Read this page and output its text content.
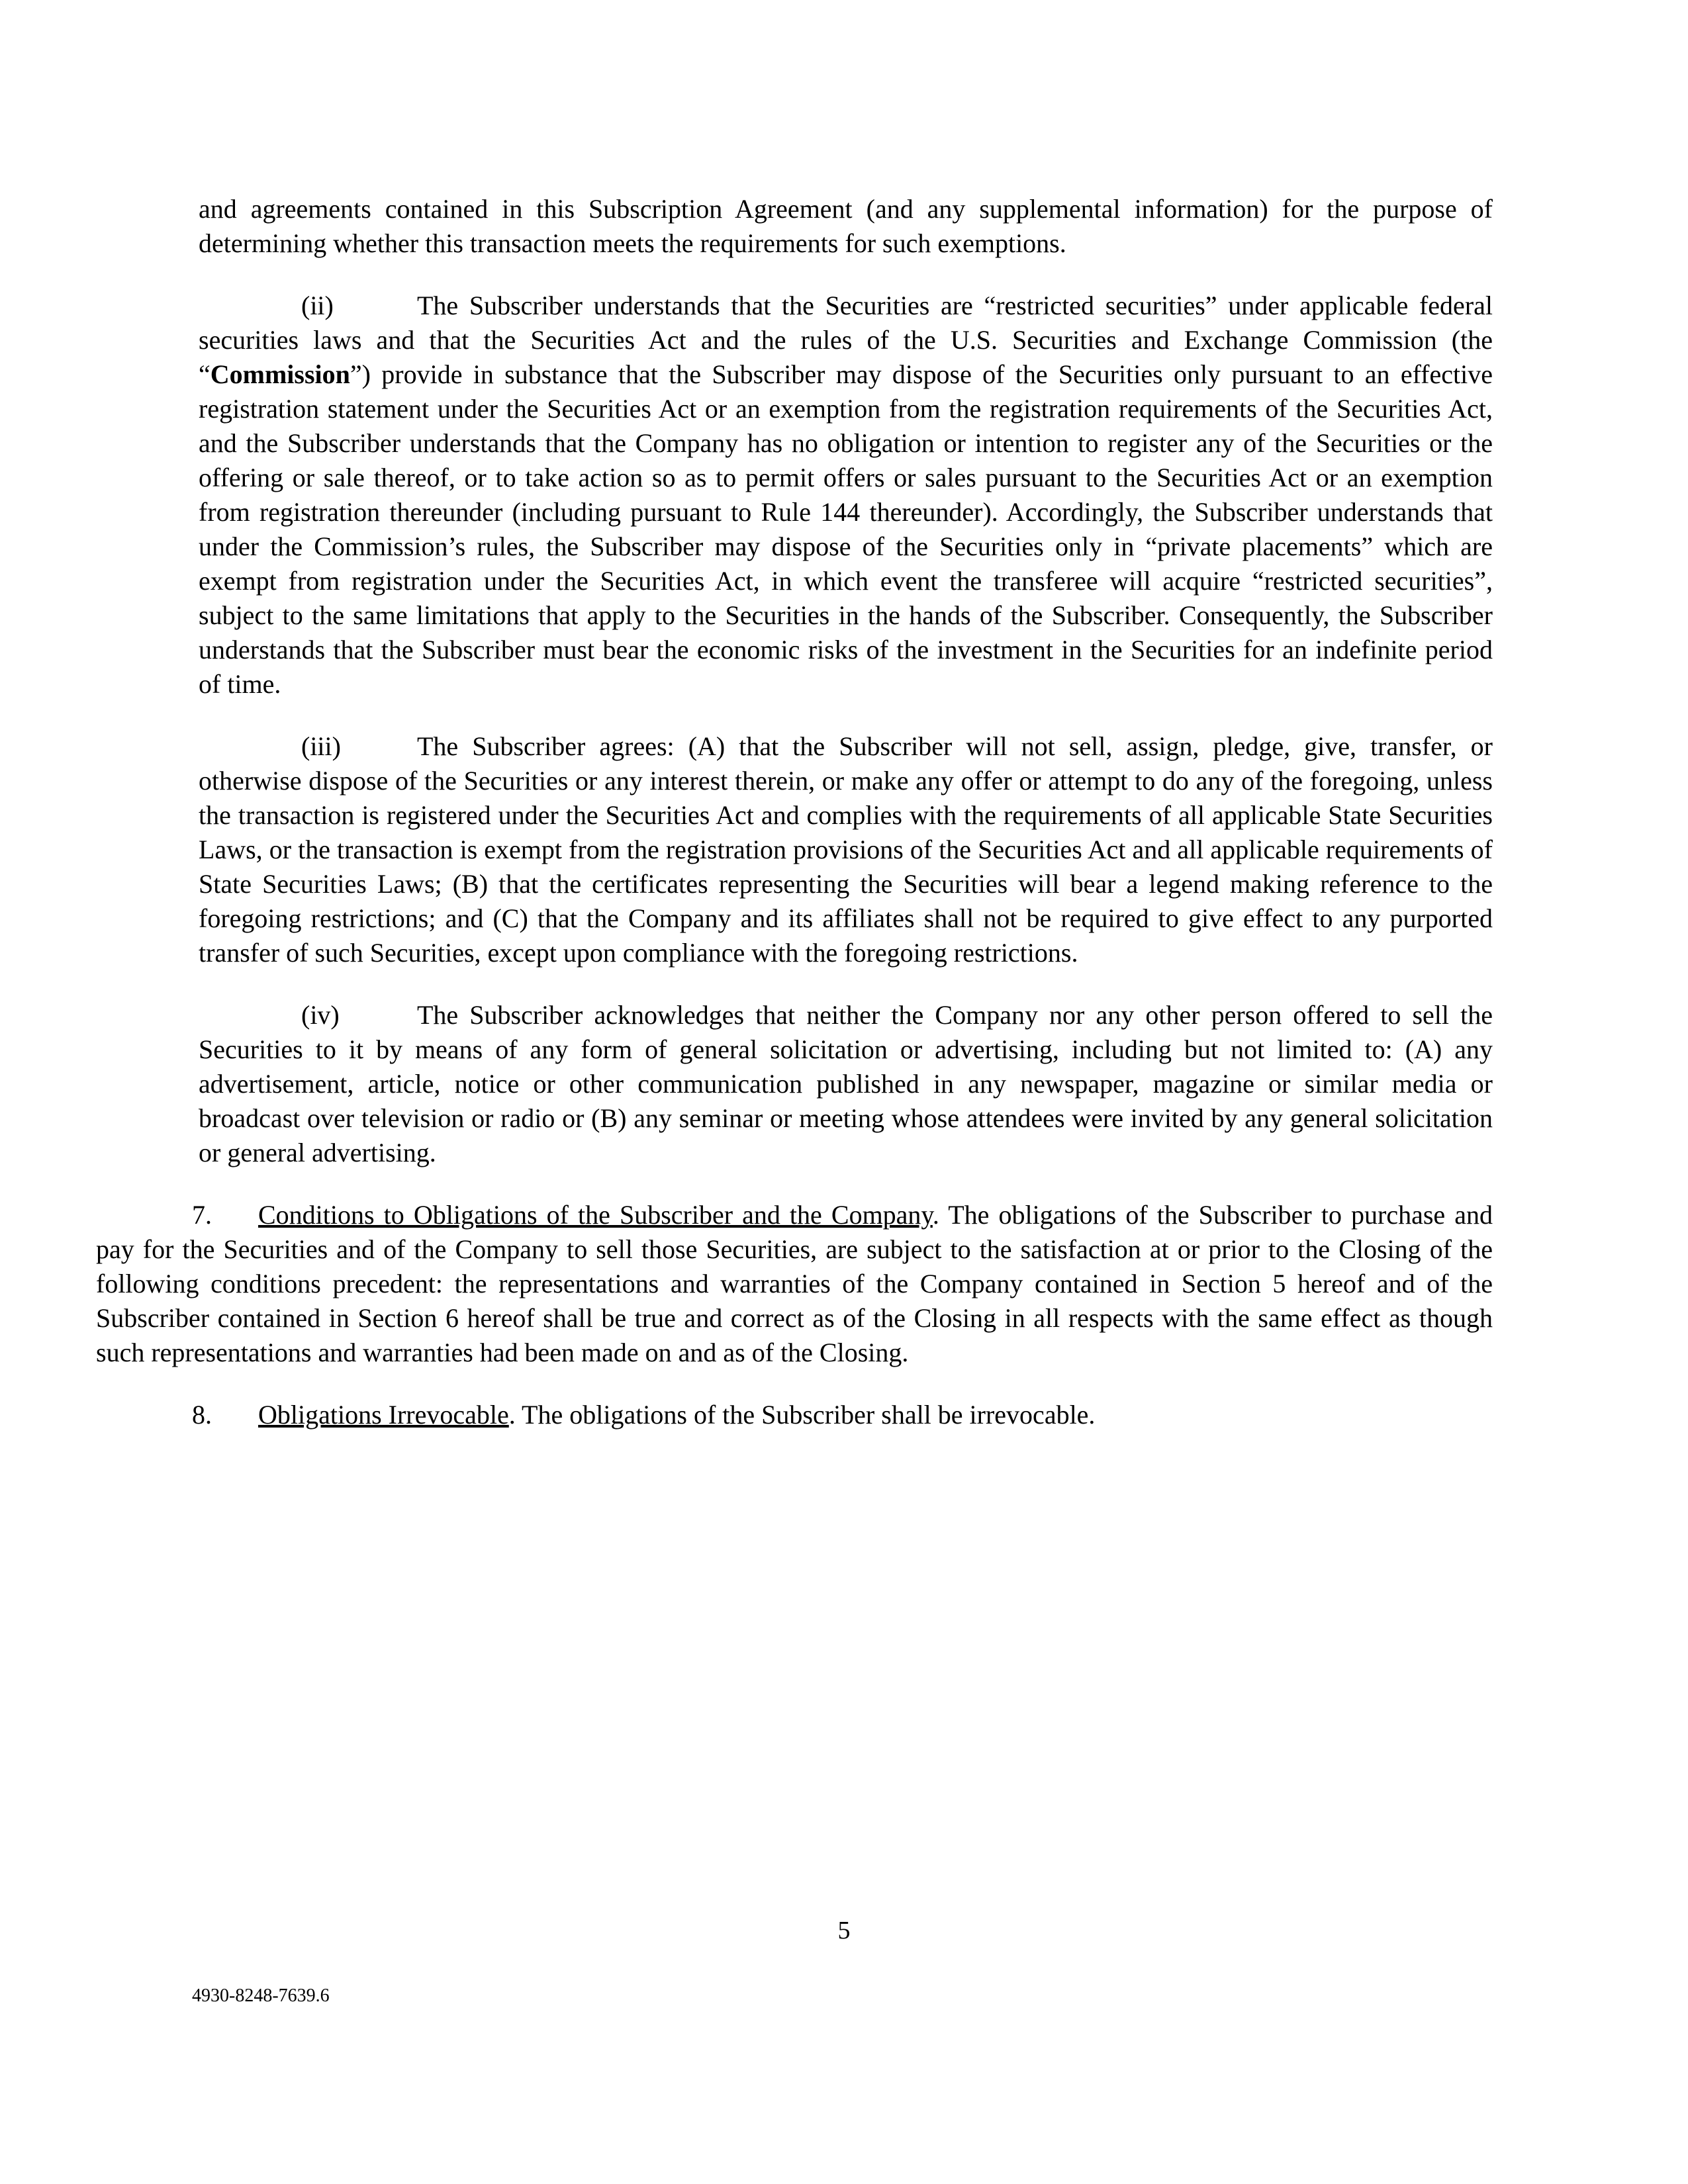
and agreements contained in this Subscription Agreement (and any supplemental information) for the purpose of determining whether this transaction meets the requirements for such exemptions.

(ii)	The Subscriber understands that the Securities are “restricted securities” under applicable federal securities laws and that the Securities Act and the rules of the U.S. Securities and Exchange Commission (the “Commission”) provide in substance that the Subscriber may dispose of the Securities only pursuant to an effective registration statement under the Securities Act or an exemption from the registration requirements of the Securities Act, and the Subscriber understands that the Company has no obligation or intention to register any of the Securities or the offering or sale thereof, or to take action so as to permit offers or sales pursuant to the Securities Act or an exemption from registration thereunder (including pursuant to Rule 144 thereunder). Accordingly, the Subscriber understands that under the Commission’s rules, the Subscriber may dispose of the Securities only in “private placements” which are exempt from registration under the Securities Act, in which event the transferee will acquire “restricted securities”, subject to the same limitations that apply to the Securities in the hands of the Subscriber. Consequently, the Subscriber understands that the Subscriber must bear the economic risks of the investment in the Securities for an indefinite period of time.

(iii)	The Subscriber agrees: (A) that the Subscriber will not sell, assign, pledge, give, transfer, or otherwise dispose of the Securities or any interest therein, or make any offer or attempt to do any of the foregoing, unless the transaction is registered under the Securities Act and complies with the requirements of all applicable State Securities Laws, or the transaction is exempt from the registration provisions of the Securities Act and all applicable requirements of State Securities Laws; (B) that the certificates representing the Securities will bear a legend making reference to the foregoing restrictions; and (C) that the Company and its affiliates shall not be required to give effect to any purported transfer of such Securities, except upon compliance with the foregoing restrictions.

(iv)	The Subscriber acknowledges that neither the Company nor any other person offered to sell the Securities to it by means of any form of general solicitation or advertising, including but not limited to: (A) any advertisement, article, notice or other communication published in any newspaper, magazine or similar media or broadcast over television or radio or (B) any seminar or meeting whose attendees were invited by any general solicitation or general advertising.

7. Conditions to Obligations of the Subscriber and the Company. The obligations of the Subscriber to purchase and pay for the Securities and of the Company to sell those Securities, are subject to the satisfaction at or prior to the Closing of the following conditions precedent: the representations and warranties of the Company contained in Section 5 hereof and of the Subscriber contained in Section 6 hereof shall be true and correct as of the Closing in all respects with the same effect as though such representations and warranties had been made on and as of the Closing.

8. Obligations Irrevocable. The obligations of the Subscriber shall be irrevocable.

5
4930-8248-7639.6
